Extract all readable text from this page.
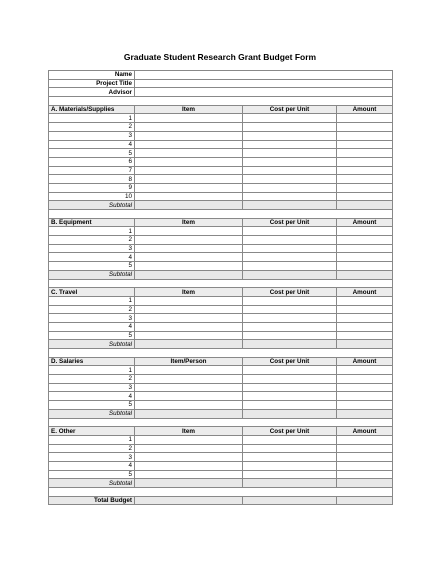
Graduate Student Research Grant Budget Form
Name			
Project Title			
Advisor			

A. Materials/Supplies	Item	Cost per Unit	Amount
1			
2			
3			
4			
5			
6			
7			
8			
9			
10			
Subtotal			

B. Equipment	Item	Cost per Unit	Amount
1			
2			
3			
4			
5			
Subtotal			

C. Travel	Item	Cost per Unit	Amount
1			
2			
3			
4			
5			
Subtotal			

D. Salaries	Item/Person	Cost per Unit	Amount
1			
2			
3			
4			
5			
Subtotal			

E. Other	Item	Cost per Unit	Amount
1			
2			
3			
4			
5			
Subtotal			

Total Budget			
